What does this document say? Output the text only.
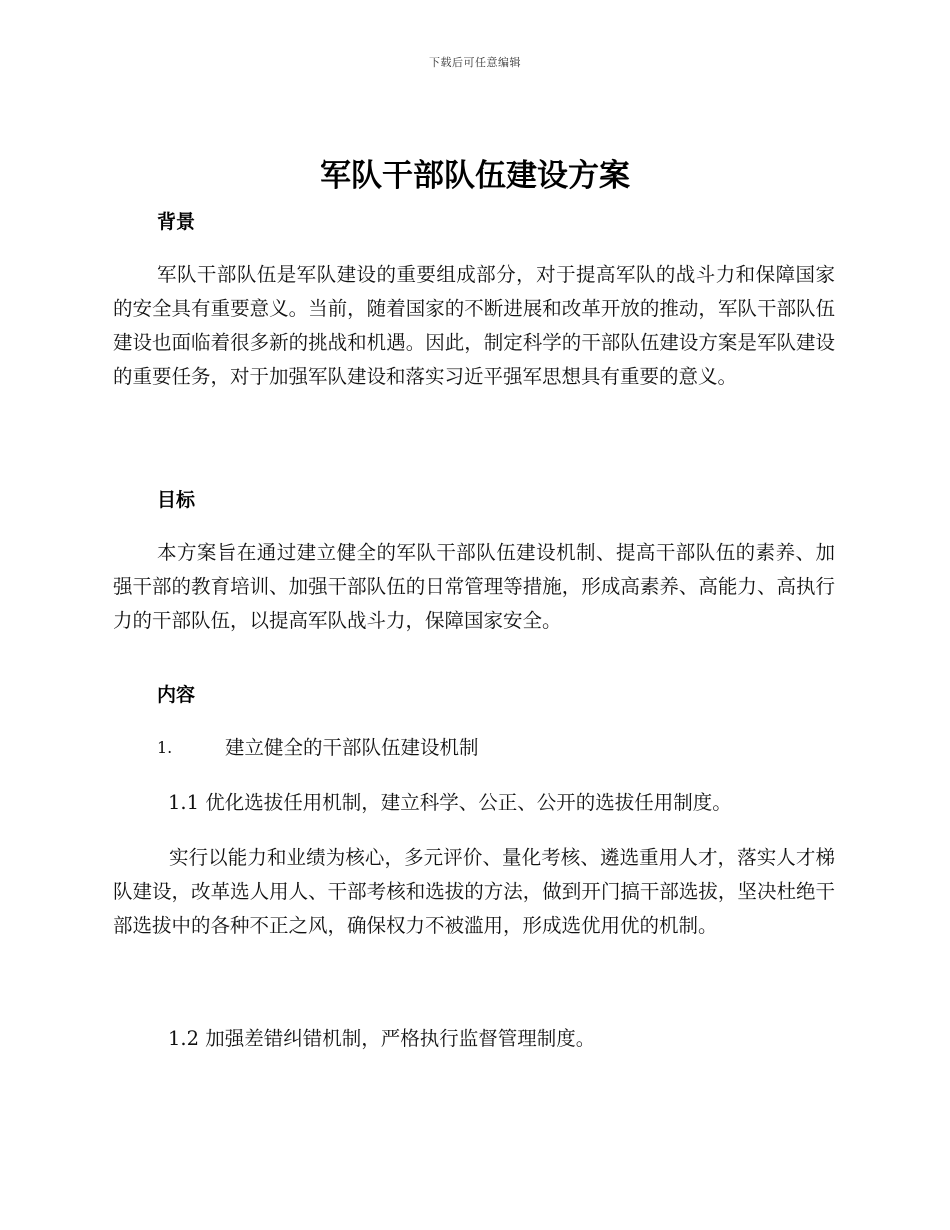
下载后可任意编辑
军队干部队伍建设方案
背景

军队干部队伍是军队建设的重要组成部分，对于提高军队的战斗力和保障国家的安全具有重要意义。当前，随着国家的不断进展和改革开放的推动，军队干部队伍建设也面临着很多新的挑战和机遇。因此，制定科学的干部队伍建设方案是军队建设的重要任务，对于加强军队建设和落实习近平强军思想具有重要的意义。

目标

本方案旨在通过建立健全的军队干部队伍建设机制、提高干部队伍的素养、加强干部的教育培训、加强干部队伍的日常管理等措施，形成高素养、高能力、高执行力的干部队伍，以提高军队战斗力，保障国家安全。

内容
1.	建立健全的干部队伍建设机制

1.1 优化选拔任用机制，建立科学、公正、公开的选拔任用制度。

实行以能力和业绩为核心，多元评价、量化考核、遴选重用人才，落实人才梯队建设，改革选人用人、干部考核和选拔的方法，做到开门搞干部选拔，坚决杜绝干部选拔中的各种不正之风，确保权力不被滥用，形成选优用优的机制。

1.2 加强差错纠错机制，严格执行监督管理制度。
